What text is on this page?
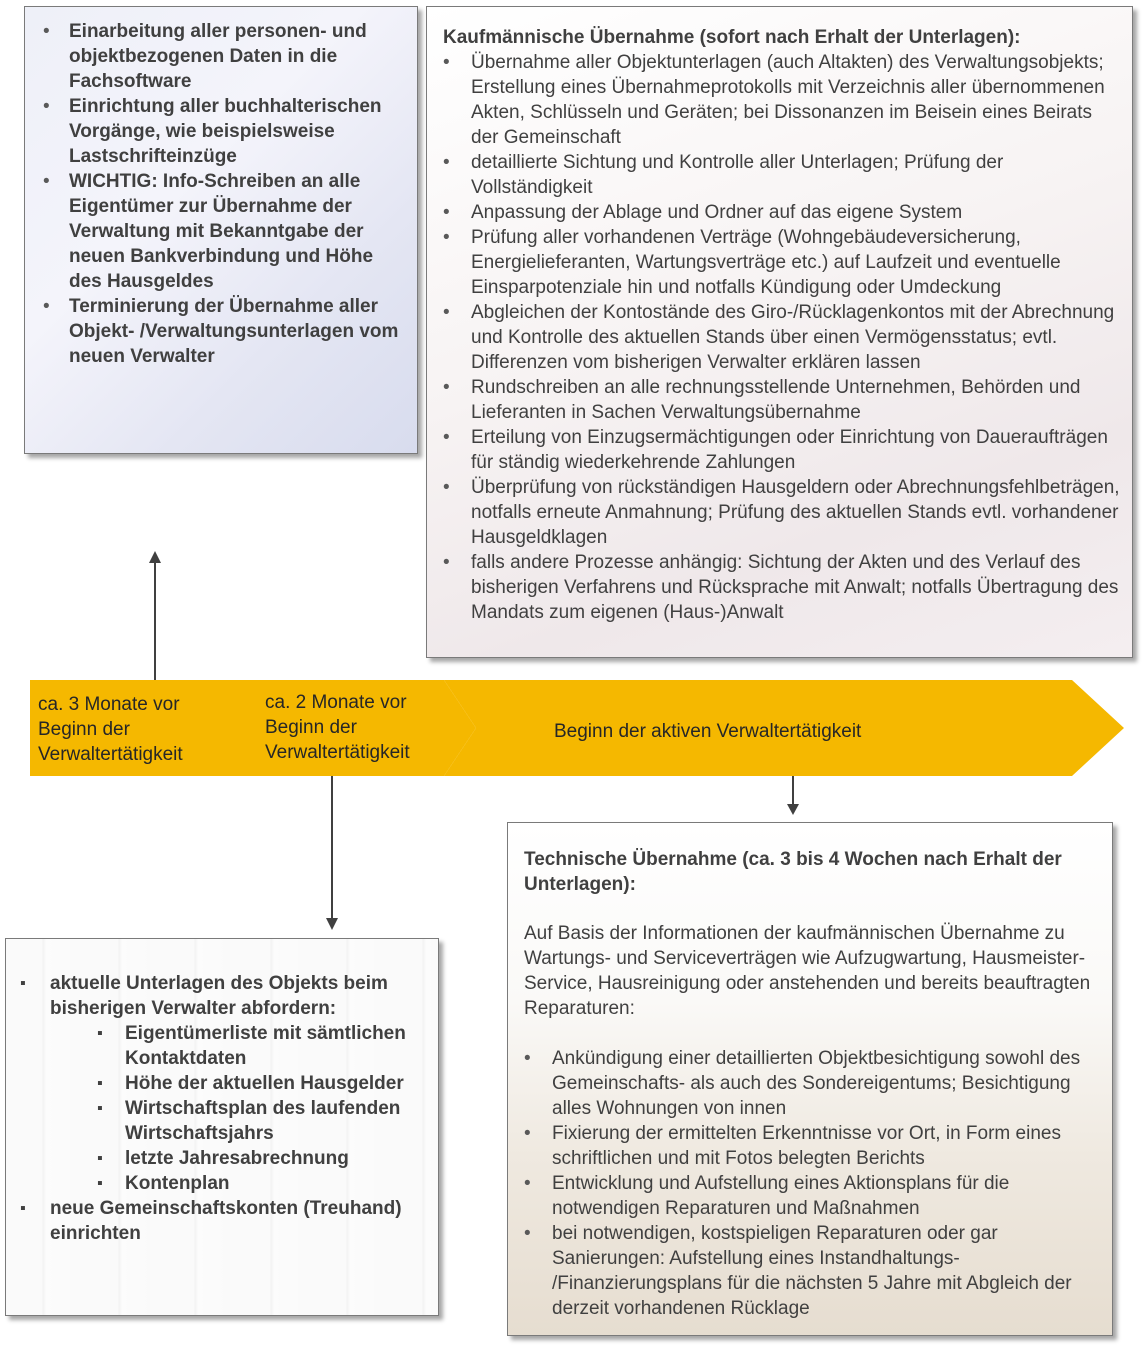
• Einarbeitung aller personen- und objektbezogenen Daten in die Fachsoftware
• Einrichtung aller buchhalterischen Vorgänge, wie beispielsweise Lastschrifteinzüge
• WICHTIG: Info-Schreiben an alle Eigentümer zur Übernahme der Verwaltung mit Bekanntgabe der neuen Bankverbindung und Höhe des Hausgeldes
• Terminierung der Übernahme aller Objekt- /Verwaltungsunterlagen vom neuen Verwalter
Kaufmännische Übernahme (sofort nach Erhalt der Unterlagen):
• Übernahme aller Objektunterlagen (auch Altakten) des Verwaltungsobjekts; Erstellung eines Übernahmeprotokolls mit Verzeichnis aller übernommenen Akten, Schlüsseln und Geräten; bei Dissonanzen im Beisein eines Beirats der Gemeinschaft
• detaillierte Sichtung und Kontrolle aller Unterlagen; Prüfung der Vollständigkeit
• Anpassung der Ablage und Ordner auf das eigene System
• Prüfung aller vorhandenen Verträge (Wohngebäudeversicherung, Energielieferanten, Wartungsverträge etc.) auf Laufzeit und eventuelle Einsparpotenziale hin und notfalls Kündigung oder Umdeckung
• Abgleichen der Kontostände des Giro-/Rücklagenkontos mit der Abrechnung und Kontrolle des aktuellen Stands über einen Vermögensstatus; evtl. Differenzen vom bisherigen Verwalter erklären lassen
• Rundschreiben an alle rechnungsstellende Unternehmen, Behörden und Lieferanten in Sachen Verwaltungsübernahme
• Erteilung von Einzugsermächtigungen oder Einrichtung von Daueraufträgen für ständig wiederkehrende Zahlungen
• Überprüfung von rückständigen Hausgeldern oder Abrechnungsfehlbeträgen, notfalls erneute Anmahnung; Prüfung des aktuellen Stands evtl. vorhandener Hausgeldklagen
• falls andere Prozesse anhängig: Sichtung der Akten und des Verlauf des bisherigen Verfahrens und Rücksprache mit Anwalt; notfalls Übertragung des Mandats zum eigenen (Haus-)Anwalt
ca. 3 Monate vor Beginn der Verwaltertätigkeit
ca. 2 Monate vor Beginn der Verwaltertätigkeit
Beginn der aktiven Verwaltertätigkeit
▪ aktuelle Unterlagen des Objekts beim bisherigen Verwalter abfordern:
▪ Eigentümerliste mit sämtlichen Kontaktdaten
▪ Höhe der aktuellen Hausgelder
▪ Wirtschaftsplan des laufenden Wirtschaftsjahrs
▪ letzte Jahresabrechnung
▪ Kontenplan
▪ neue Gemeinschaftskonten (Treuhand) einrichten
Technische Übernahme (ca. 3 bis 4 Wochen nach Erhalt der Unterlagen):
Auf Basis der Informationen der kaufmännischen Übernahme zu Wartungs- und Serviceverträgen wie Aufzugwartung, Hausmeister-Service, Hausreinigung oder anstehenden und bereits beauftragten Reparaturen:
• Ankündigung einer detaillierten Objektbesichtigung sowohl des Gemeinschafts- als auch des Sondereigentums; Besichtigung alles Wohnungen von innen
• Fixierung der ermittelten Erkenntnisse vor Ort, in Form eines schriftlichen und mit Fotos belegten Berichts
• Entwicklung und Aufstellung eines Aktionsplans für die notwendigen Reparaturen und Maßnahmen
• bei notwendigen, kostspieligen Reparaturen oder gar Sanierungen: Aufstellung eines Instandhaltungs- /Finanzierungsplans für die nächsten 5 Jahre mit Abgleich der derzeit vorhandenen Rücklage
